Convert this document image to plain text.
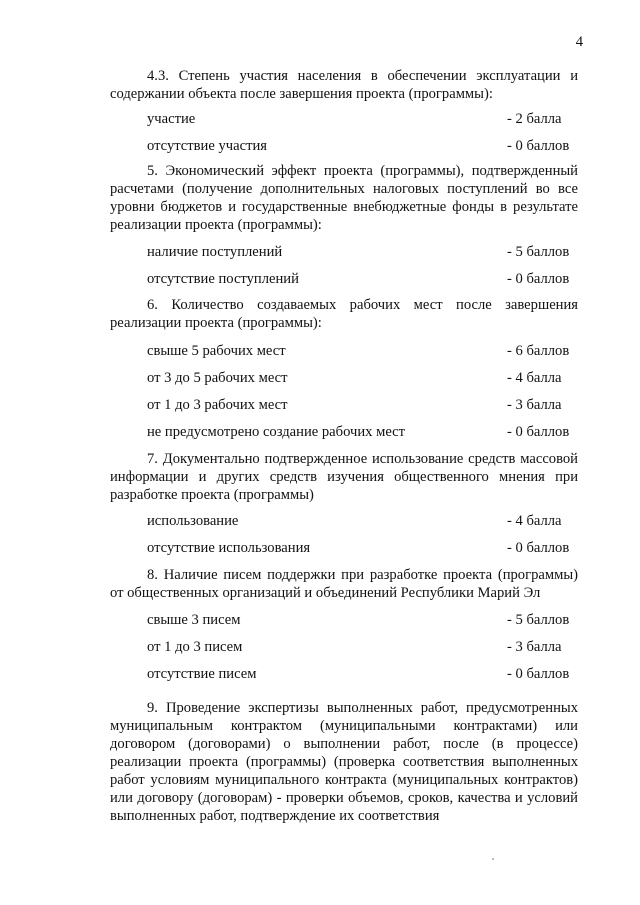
4
4.3. Степень участия населения в обеспечении эксплуатации и содержании объекта после завершения проекта (программы):
участие	- 2 балла
отсутствие участия	- 0 баллов
5. Экономический эффект проекта (программы), подтвержденный расчетами (получение дополнительных налоговых поступлений во все уровни бюджетов и государственные внебюджетные фонды в результате реализации проекта (программы):
наличие поступлений	- 5 баллов
отсутствие поступлений	- 0 баллов
6. Количество создаваемых рабочих мест после завершения реализации проекта (программы):
свыше 5 рабочих мест	- 6 баллов
от 3 до 5 рабочих мест	- 4 балла
от 1 до 3 рабочих мест	- 3 балла
не предусмотрено создание рабочих мест	- 0 баллов
7. Документально подтвержденное использование средств массовой информации и других средств изучения общественного мнения при разработке проекта (программы)
использование	- 4 балла
отсутствие использования	- 0 баллов
8. Наличие писем поддержки при разработке проекта (программы) от общественных организаций и объединений Республики Марий Эл
свыше 3 писем	- 5 баллов
от 1 до 3 писем	- 3 балла
отсутствие писем	- 0 баллов
9. Проведение экспертизы выполненных работ, предусмотренных муниципальным контрактом (муниципальными контрактами) или договором (договорами) о выполнении работ, после (в процессе) реализации проекта (программы) (проверка соответствия выполненных работ условиям муниципального контракта (муниципальных контрактов) или договору (договорам) - проверки объемов, сроков, качества и условий выполненных работ, подтверждение их соответствия
